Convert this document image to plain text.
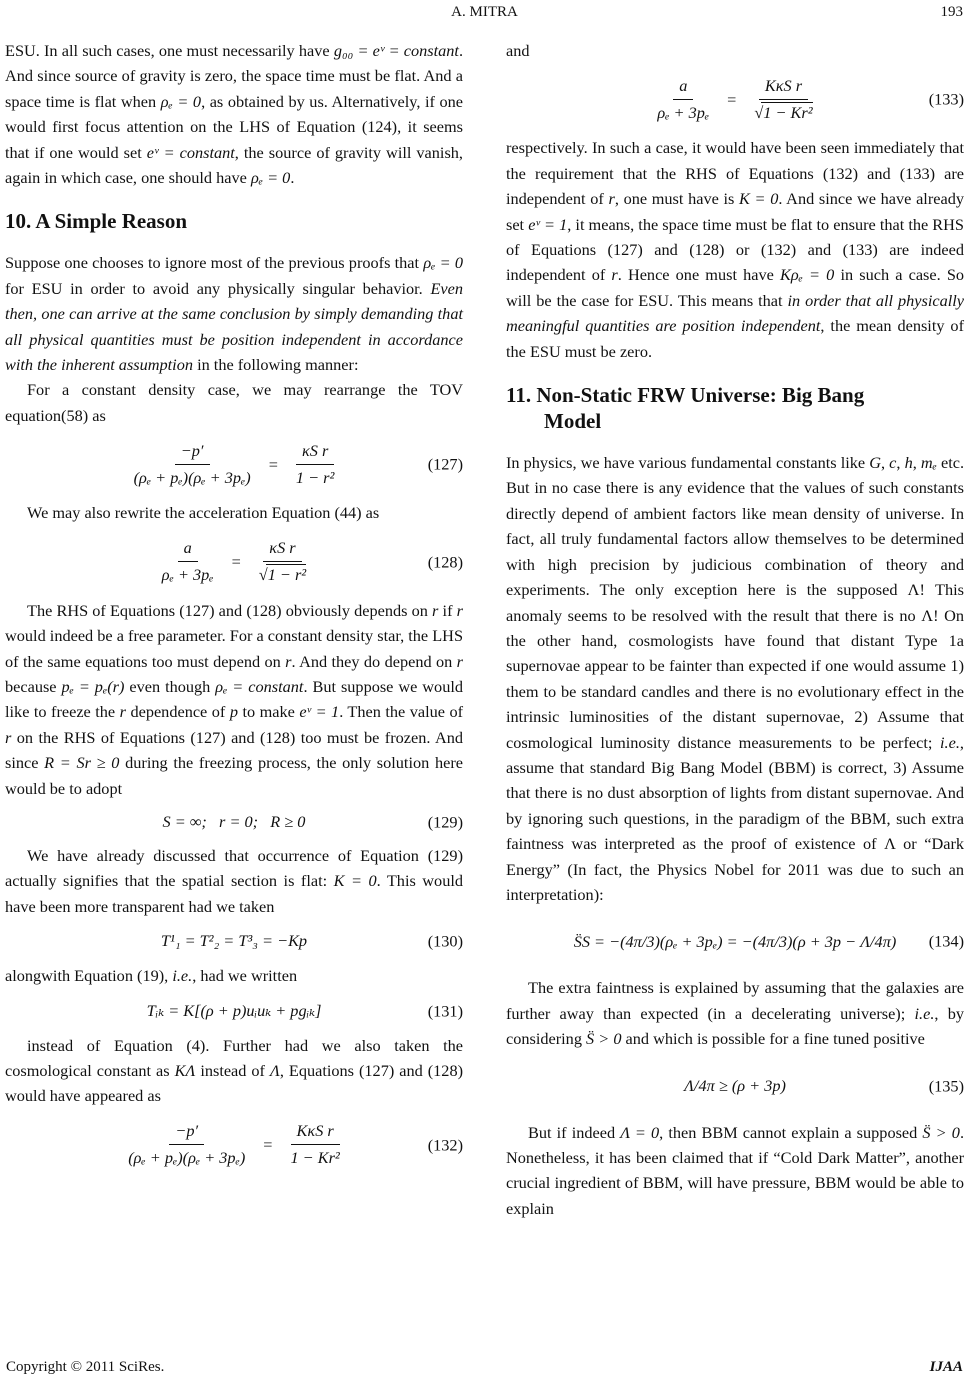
A. MITRA	193

ESU. In all such cases, one must necessarily have g₀₀ = eᵛ = constant. And since source of gravity is zero, the space time must be flat. And a space time is flat when ρₑ = 0, as obtained by us. Alternatively, if one would first focus attention on the LHS of Equation (124), it seems that if one would set eᵛ = constant, the source of gravity will vanish, again in which case, one should have ρₑ = 0.

10. A Simple Reason

Suppose one chooses to ignore most of the previous proofs that ρₑ = 0 for ESU in order to avoid any physically singular behavior. Even then, one can arrive at the same conclusion by simply demanding that all physical quantities must be position independent in accordance with the inherent assumption in the following manner:

For a constant density case, we may rearrange the TOV equation(58) as

$\frac{-p'}{\text{(ρₑ + pₑ)(ρₑ + 3pₑ)}} = \frac{\text{κS r}}{\text{1 − r²}}$	(127)

We may also rewrite the acceleration Equation (44) as

$\frac{a}{\text{ρₑ + 3pₑ}} = \frac{\text{κS r}}{\text{√1 − r²}}$	(128)

The RHS of Equations (127) and (128) obviously depends on r if r would indeed be a free parameter. For a constant density star, the LHS of the same equations too must depend on r. And they do depend on r because pₑ = pₑ(r) even though ρₑ = constant. But suppose we would like to freeze the r dependence of p to make eᵛ = 1. Then the value of r on the RHS of Equations (127) and (128) too must be frozen. And since R = Sr ≥ 0 during the freezing process, the only solution here would be to adopt

S = ∞;   r = 0;   R ≥ 0	(129)

We have already discussed that occurrence of Equation (129) actually signifies that the spatial section is flat: K = 0. This would have been more transparent had we taken

T¹₁ = T²₂ = T³₃ = −Kp	(130)

alongwith Equation (19), i.e., had we written

Tᵢₖ = K[(ρ + p)uᵢuₖ + pgᵢₖ]	(131)

instead of Equation (4). Further had we also taken the cosmological constant as KΛ instead of Λ, Equations (127) and (128) would have appeared as

$\frac{-p'}{\text{(ρₑ + pₑ)(ρₑ + 3pₑ)}} = \frac{\text{KκS r}}{\text{1 − Kr²}}$	(132)

and

$\frac{a}{\text{ρₑ + 3pₑ}} = \frac{\text{KκS r}}{\text{√1 − Kr²}}$	(133)

respectively. In such a case, it would have been seen immediately that the requirement that the RHS of Equations (132) and (133) are independent of r, one must have is K = 0. And since we have already set eᵛ = 1, it means, the space time must be flat to ensure that the RHS of Equations (127) and (128) or (132) and (133) are indeed independent of r. Hence one must have Kρₑ = 0 in such a case. So will be the case for ESU. This means that in order that all physically meaningful quantities are position independent, the mean density of the ESU must be zero.

11. Non-Static FRW Universe: Big Bang
Model

In physics, we have various fundamental constants like G, c, h, mₑ etc. But in no case there is any evidence that the values of such constants directly depend of ambient factors like mean density of universe. In fact, all truly fundamental factors allow themselves to be determined with high precision by judicious combination of theory and experiments. The only exception here is the supposed Λ! This anomaly seems to be resolved with the result that there is no Λ! On the other hand, cosmologists have found that distant Type 1a supernovae appear to be fainter than expected if one would assume 1) them to be standard candles and there is no evolutionary effect in the intrinsic luminosities of the distant supernovae, 2) Assume that cosmological luminosity distance measurements to be perfect; i.e., assume that standard Big Bang Model (BBM) is correct, 3) Assume that there is no dust absorption of lights from distant supernovae. And by ignoring such questions, in the paradigm of the BBM, such extra faintness was interpreted as the proof of existence of Λ or “Dark Energy” (In fact, the Physics Nobel for 2011 was due to such an interpretation):

S̈S = −(4π/3)(ρₑ + 3pₑ) = −(4π/3)(ρ + 3p − Λ/4π) (134)

The extra faintness is explained by assuming that the galaxies are further away than expected (in a decelerating universe); i.e., by considering S̈ > 0 and which is possible for a fine tuned positive

Λ/4π ≥ (ρ + 3p)	(135)

But if indeed Λ = 0, then BBM cannot explain a supposed S̈ > 0. Nonetheless, it has been claimed that if “Cold Dark Matter”, another crucial ingredient of BBM, will have pressure, BBM would be able to explain

Copyright © 2011 SciRes.	IJAA
